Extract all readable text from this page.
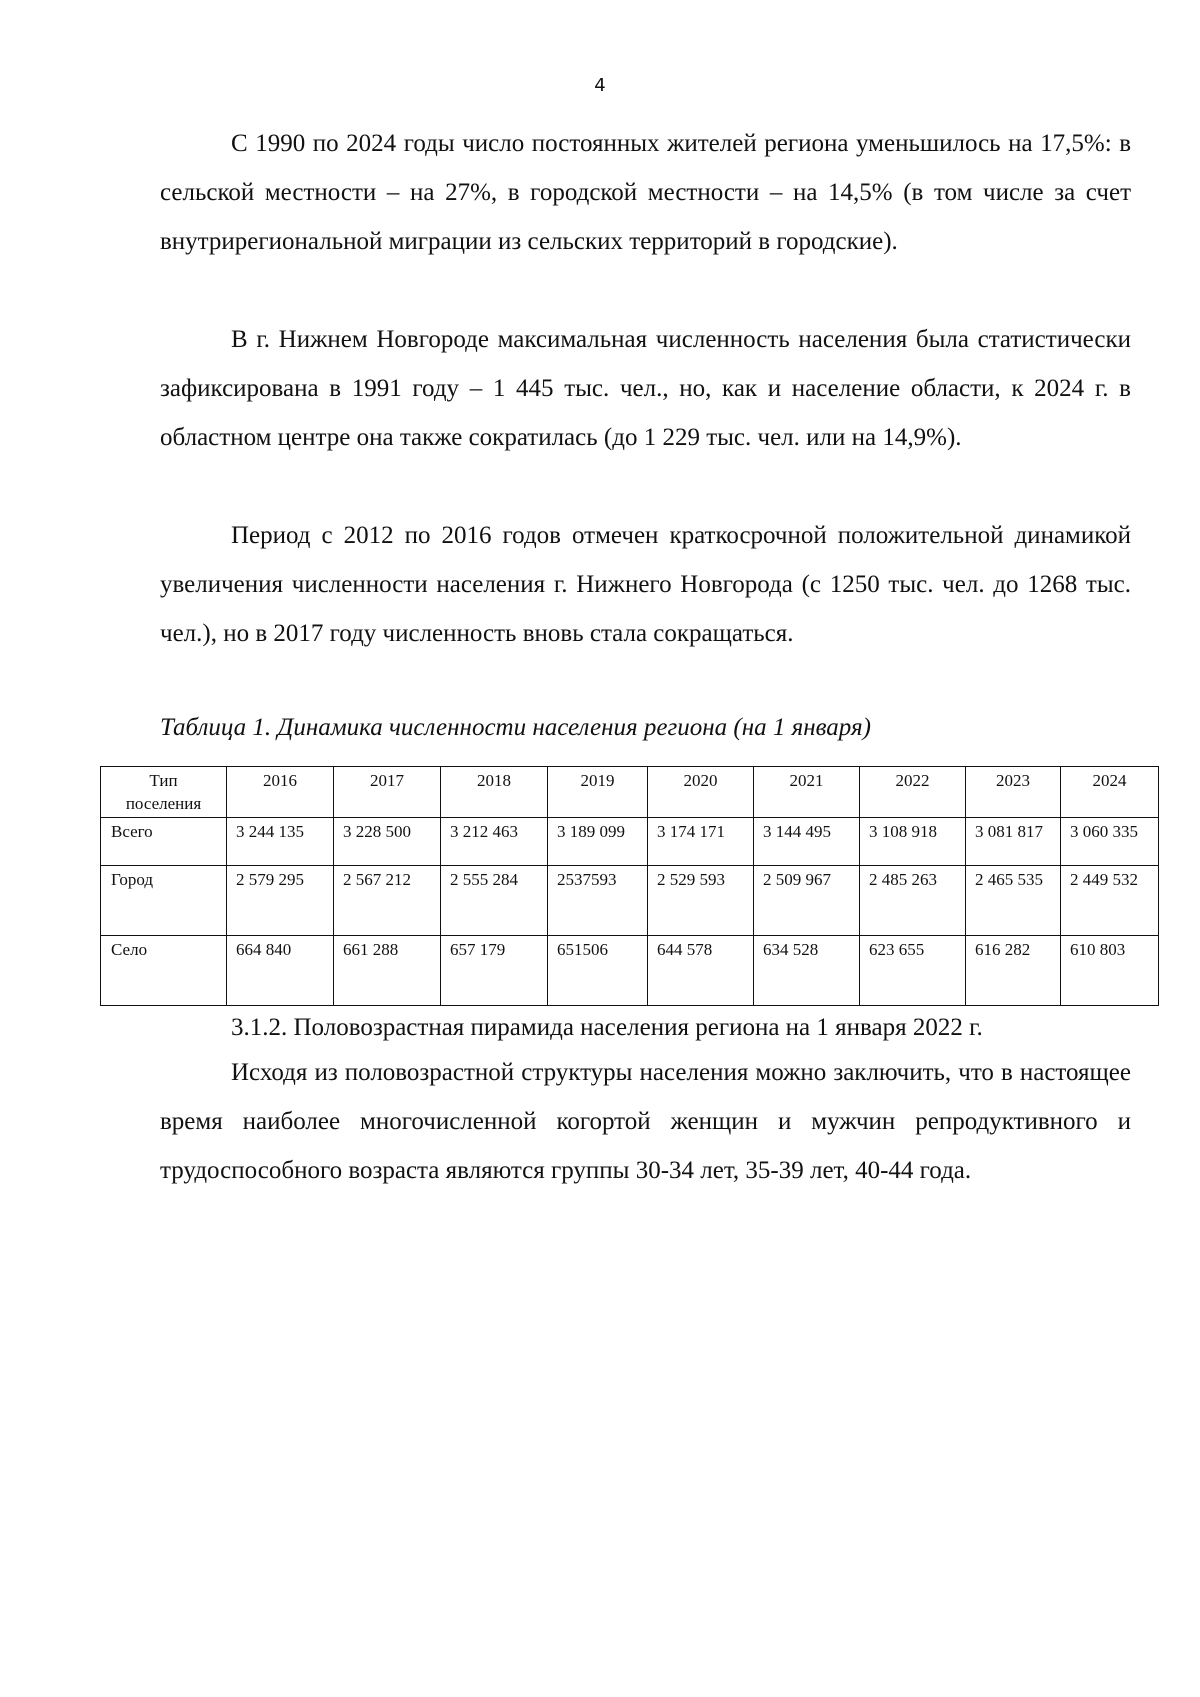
4

С 1990 по 2024 годы число постоянных жителей региона уменьшилось на 17,5%: в сельской местности – на 27%, в городской местности – на 14,5% (в том числе за счет внутрирегиональной миграции из сельских территорий в городские).

В г. Нижнем Новгороде максимальная численность населения была статистически зафиксирована в 1991 году – 1 445 тыс. чел., но, как и население области, к 2024 г. в областном центре она также сократилась (до 1 229 тыс. чел. или на 14,9%).

Период с 2012 по 2016 годов отмечен краткосрочной положительной динамикой увеличения численности населения г. Нижнего Новгорода (с 1250 тыс. чел. до 1268 тыс. чел.), но в 2017 году численность вновь стала сокращаться.

Таблица 1. Динамика численности населения региона (на 1 января)

Тип поселения	2016	2017	2018	2019	2020	2021	2022	2023	2024
Всего	3 244 135	3 228 500	3 212 463	3 189 099	3 174 171	3 144 495	3 108 918	3 081 817	3 060 335
Город	2 579 295	2 567 212	2 555 284	2537593	2 529 593	2 509 967	2 485 263	2 465 535	2 449 532
Село	664 840	661 288	657 179	651506	644 578	634 528	623 655	616 282	610 803

3.1.2. Половозрастная пирамида населения региона на 1 января 2022 г.

Исходя из половозрастной структуры населения можно заключить, что в настоящее время наиболее многочисленной когортой женщин и мужчин репродуктивного и трудоспособного возраста являются группы 30-34 лет, 35-39 лет, 40-44 года.
